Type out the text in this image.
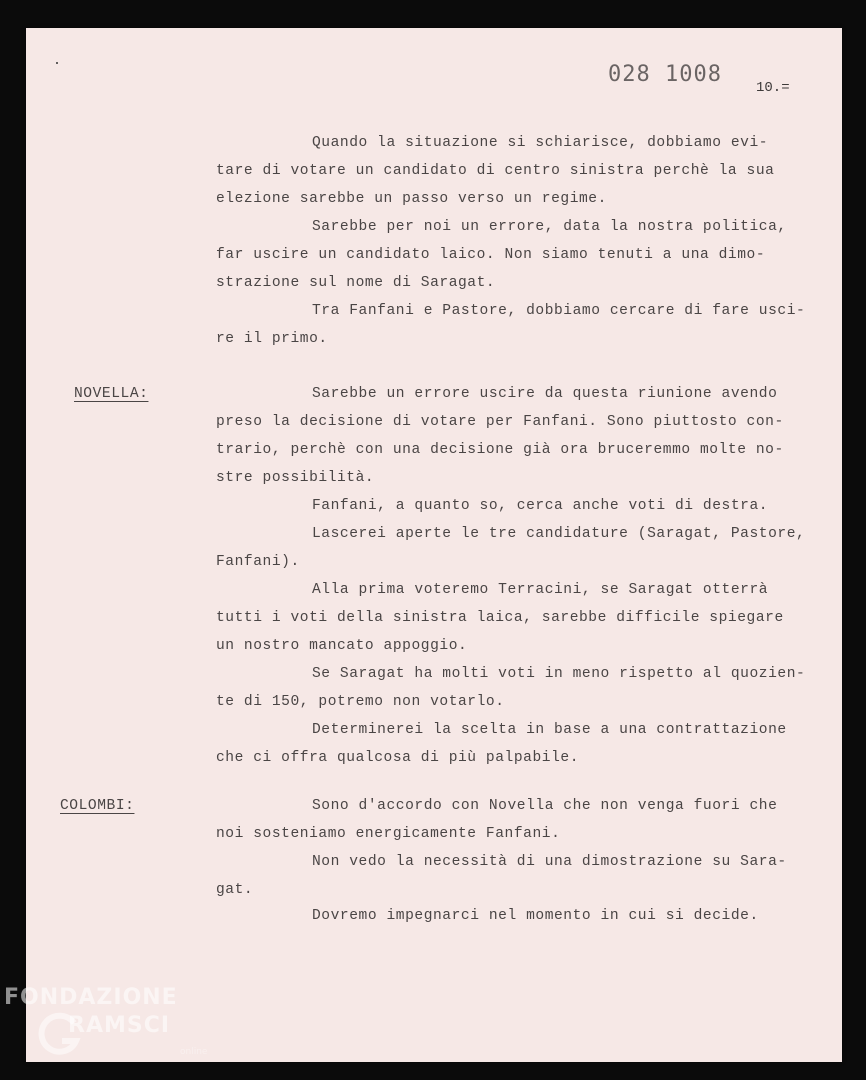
028 1008
10.=
Quando la situazione si schiarisce, dobbiamo evi-
tare di votare un candidato di centro sinistra perchè la sua
elezione sarebbe un passo verso un regime.
Sarebbe per noi un errore, data la nostra politica,
far uscire un candidato laico. Non siamo tenuti a una dimo-
strazione sul nome di Saragat.
Tra Fanfani e Pastore, dobbiamo cercare di fare usci-
re il primo.
NOVELLA:	Sarebbe un errore uscire da questa riunione avendo
preso la decisione di votare per Fanfani. Sono piuttosto con-
trario, perchè con una decisione già ora bruceremmo molte no-
stre possibilità.
Fanfani, a quanto so, cerca anche voti di destra.
Lascerei aperte le tre candidature (Saragat, Pastore,
Fanfani).
Alla prima voteremo Terracini, se Saragat otterrà
tutti i voti della sinistra laica, sarebbe difficile spiegare
un nostro mancato appoggio.
Se Saragat ha molti voti in meno rispetto al quozien-
te di 150, potremo non votarlo.
Determinerei la scelta in base a una contrattazione
che ci offra qualcosa di più palpabile.
COLOMBI:	Sono d'accordo con Novella che non venga fuori che
noi sosteniamo energicamente Fanfani.
Non vedo la necessità di una dimostrazione su Sara-
gat.
Dovremo impegnarci nel momento in cui si decide.
FONDAZIONE
RAMSCI
online
